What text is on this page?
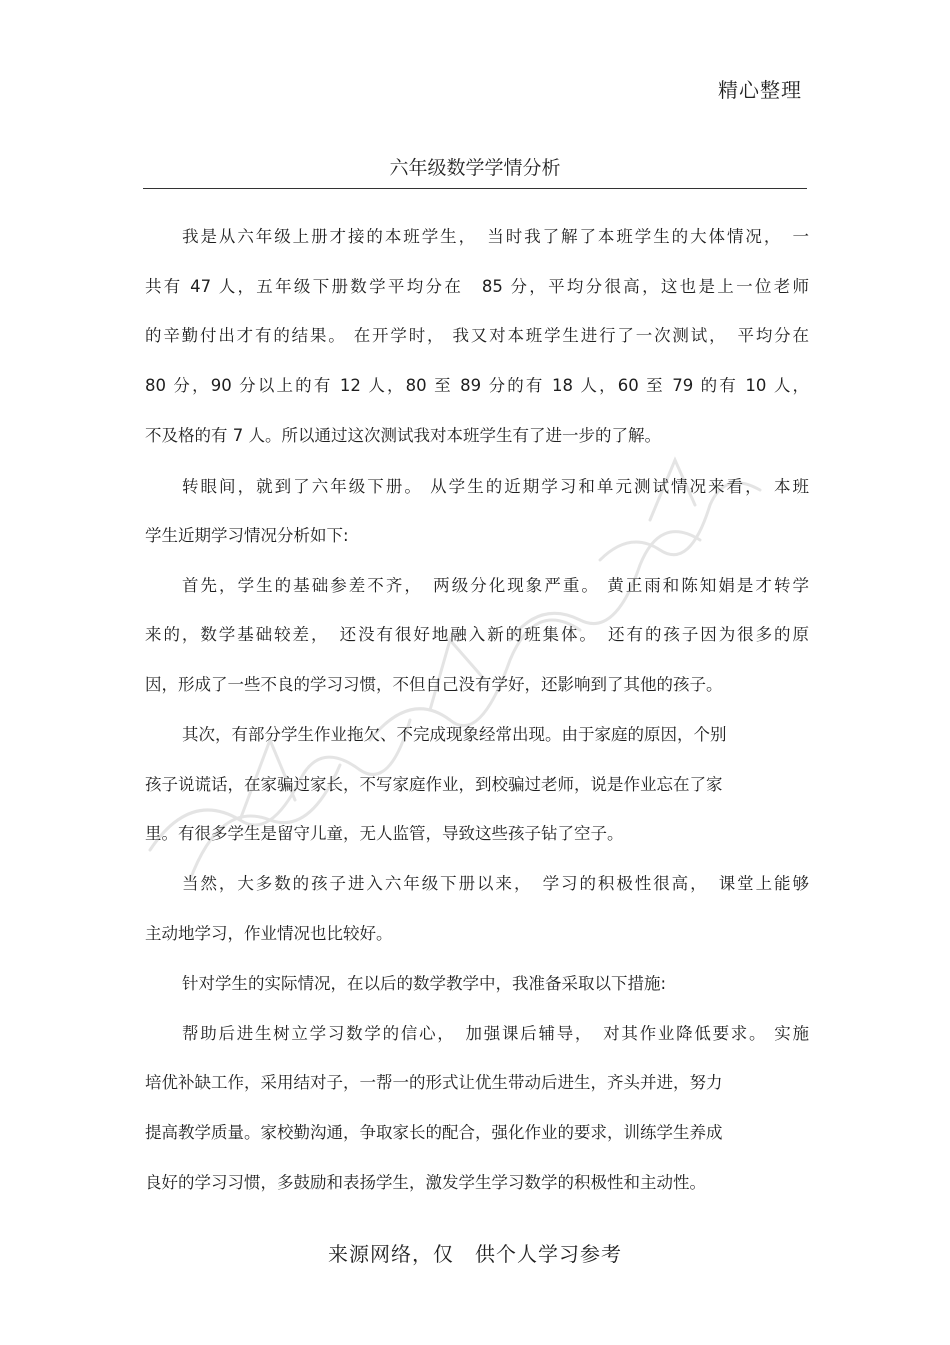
精心整理
六年级数学学情分析
我是从六年级上册才接的本班学生，　当时我了解了本班学生的大体情况，　一
共有 47 人，五年级下册数学平均分在　85 分，平均分很高，这也是上一位老师
的辛勤付出才有的结果。 在开学时， 我又对本班学生进行了一次测试，　平均分在
80 分，90 分以上的有 12 人，80 至 89 分的有 18 人，60 至 79 的有 10 人，
不及格的有 7 人。所以通过这次测试我对本班学生有了进一步的了解。
转眼间，就到了六年级下册。 从学生的近期学习和单元测试情况来看，　本班
学生近期学习情况分析如下:
首先，学生的基础参差不齐，　两级分化现象严重。 黄正雨和陈知娟是才转学
来的，数学基础较差，　还没有很好地融入新的班集体。　还有的孩子因为很多的原
因，形成了一些不良的学习习惯，不但自己没有学好，还影响到了其他的孩子。
其次，有部分学生作业拖欠、不完成现象经常出现。由于家庭的原因，个别
孩子说谎话，在家骗过家长，不写家庭作业，到校骗过老师，说是作业忘在了家
里。有很多学生是留守儿童，无人监管，导致这些孩子钻了空子。
当然，大多数的孩子进入六年级下册以来，　学习的积极性很高，　课堂上能够
主动地学习，作业情况也比较好。
针对学生的实际情况，在以后的数学教学中，我准备采取以下措施:
帮助后进生树立学习数学的信心，　加强课后辅导，　对其作业降低要求。 实施
培优补缺工作，采用结对子，一帮一的形式让优生带动后进生，齐头并进，努力
提高教学质量。家校勤沟通，争取家长的配合，强化作业的要求，训练学生养成
良好的学习习惯，多鼓励和表扬学生，激发学生学习数学的积极性和主动性。
来源网络，仅　供个人学习参考
